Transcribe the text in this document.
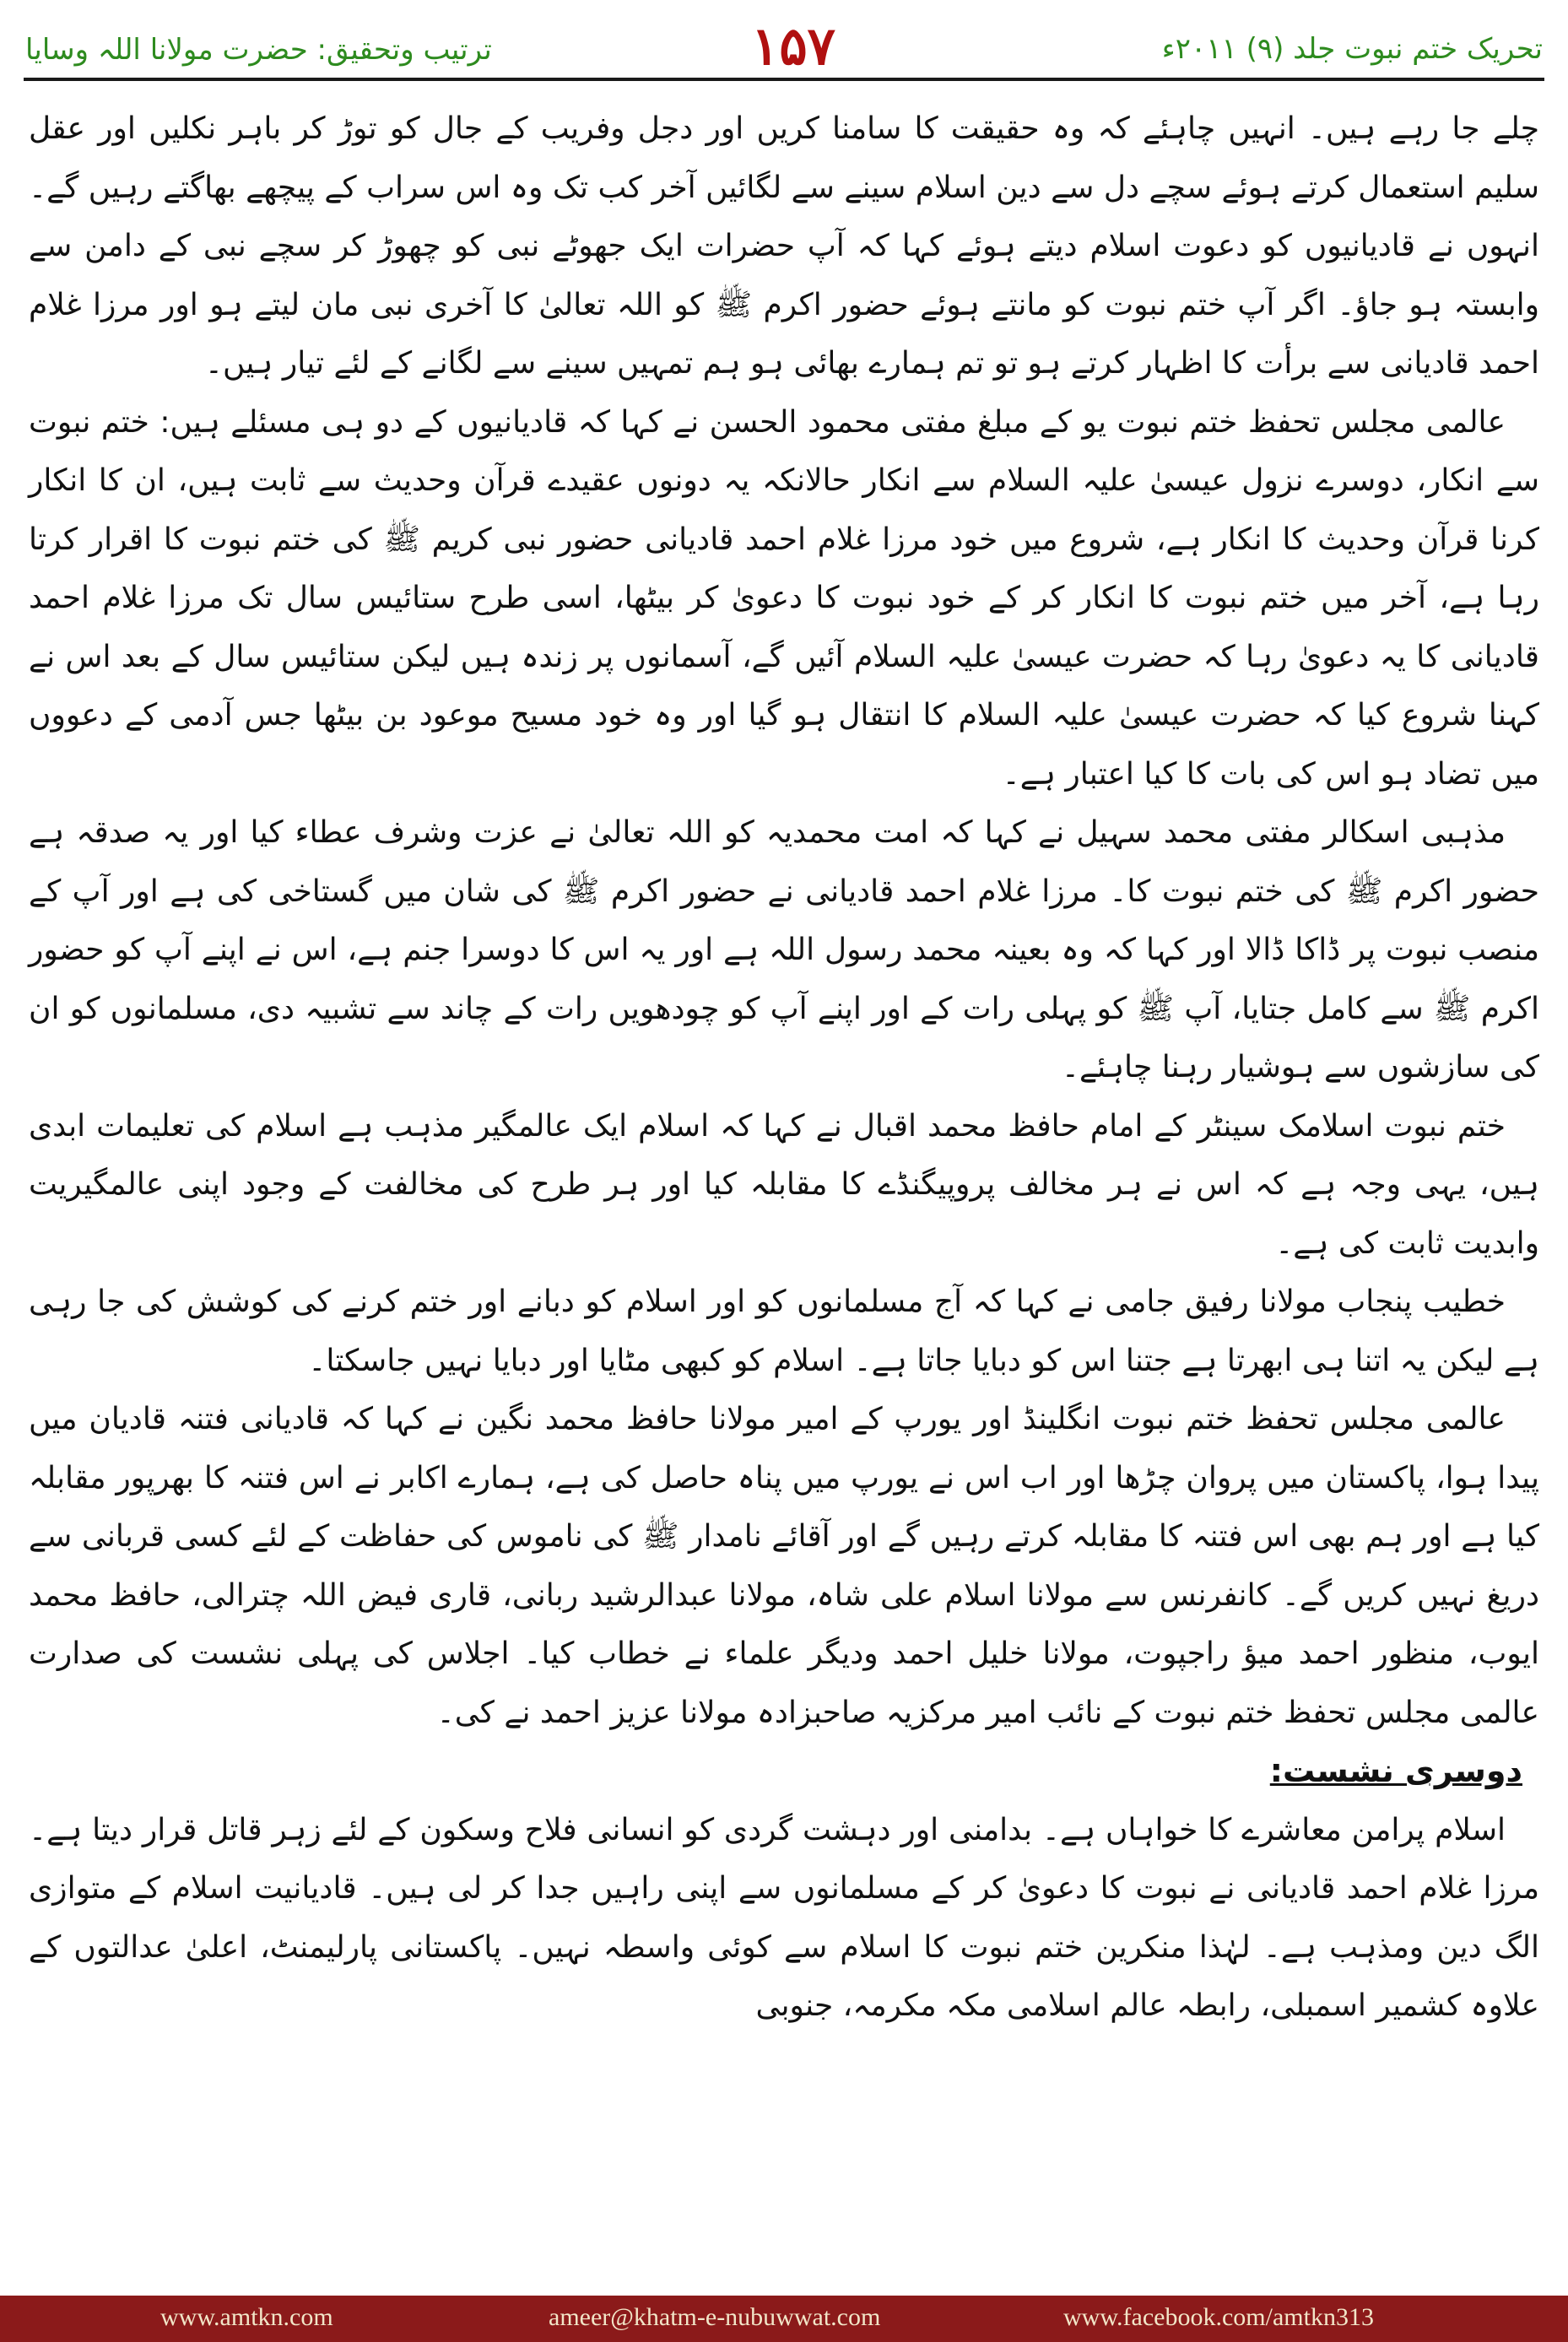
ترتیب وتحقیق: حضرت مولانا اللہ وسایا	۱۵۷	تحریک ختم نبوت جلد (۹) ۲۰۱۱ء

چلے جا رہے ہیں۔ انہیں چاہئے کہ وہ حقیقت کا سامنا کریں اور دجل وفریب کے جال کو توڑ کر باہر نکلیں اور عقل سلیم استعمال کرتے ہوئے سچے دل سے دین اسلام سینے سے لگائیں آخر کب تک وہ اس سراب کے پیچھے بھاگتے رہیں گے۔ انہوں نے قادیانیوں کو دعوت اسلام دیتے ہوئے کہا کہ آپ حضرات ایک جھوٹے نبی کو چھوڑ کر سچے نبی کے دامن سے وابستہ ہو جاؤ۔ اگر آپ ختم نبوت کو مانتے ہوئے حضور اکرم ﷺ کو اللہ تعالیٰ کا آخری نبی مان لیتے ہو اور مرزا غلام احمد قادیانی سے برأت کا اظہار کرتے ہو تو تم ہمارے بھائی ہو ہم تمہیں سینے سے لگانے کے لئے تیار ہیں۔

عالمی مجلس تحفظ ختم نبوت یو کے مبلغ مفتی محمود الحسن نے کہا کہ قادیانیوں کے دو ہی مسئلے ہیں: ختم نبوت سے انکار، دوسرے نزول عیسیٰ علیہ السلام سے انکار حالانکہ یہ دونوں عقیدے قرآن وحدیث سے ثابت ہیں، ان کا انکار کرنا قرآن وحدیث کا انکار ہے، شروع میں خود مرزا غلام احمد قادیانی حضور نبی کریم ﷺ کی ختم نبوت کا اقرار کرتا رہا ہے، آخر میں ختم نبوت کا انکار کر کے خود نبوت کا دعویٰ کر بیٹھا، اسی طرح ستائیس سال تک مرزا غلام احمد قادیانی کا یہ دعویٰ رہا کہ حضرت عیسیٰ علیہ السلام آئیں گے، آسمانوں پر زندہ ہیں لیکن ستائیس سال کے بعد اس نے کہنا شروع کیا کہ حضرت عیسیٰ علیہ السلام کا انتقال ہو گیا اور وہ خود مسیح موعود بن بیٹھا جس آدمی کے دعووں میں تضاد ہو اس کی بات کا کیا اعتبار ہے۔

مذہبی اسکالر مفتی محمد سہیل نے کہا کہ امت محمدیہ کو اللہ تعالیٰ نے عزت وشرف عطاء کیا اور یہ صدقہ ہے حضور اکرم ﷺ کی ختم نبوت کا۔ مرزا غلام احمد قادیانی نے حضور اکرم ﷺ کی شان میں گستاخی کی ہے اور آپ کے منصب نبوت پر ڈاکا ڈالا اور کہا کہ وہ بعینہ محمد رسول اللہ ہے اور یہ اس کا دوسرا جنم ہے، اس نے اپنے آپ کو حضور اکرم ﷺ سے کامل جتایا، آپ ﷺ کو پہلی رات کے اور اپنے آپ کو چودھویں رات کے چاند سے تشبیہ دی، مسلمانوں کو ان کی سازشوں سے ہوشیار رہنا چاہئے۔

ختم نبوت اسلامک سینٹر کے امام حافظ محمد اقبال نے کہا کہ اسلام ایک عالمگیر مذہب ہے اسلام کی تعلیمات ابدی ہیں، یہی وجہ ہے کہ اس نے ہر مخالف پروپیگنڈے کا مقابلہ کیا اور ہر طرح کی مخالفت کے وجود اپنی عالمگیریت وابدیت ثابت کی ہے۔

خطیب پنجاب مولانا رفیق جامی نے کہا کہ آج مسلمانوں کو اور اسلام کو دبانے اور ختم کرنے کی کوشش کی جا رہی ہے لیکن یہ اتنا ہی ابھرتا ہے جتنا اس کو دبایا جاتا ہے۔ اسلام کو کبھی مٹایا اور دبایا نہیں جاسکتا۔

عالمی مجلس تحفظ ختم نبوت انگلینڈ اور یورپ کے امیر مولانا حافظ محمد نگین نے کہا کہ قادیانی فتنہ قادیان میں پیدا ہوا، پاکستان میں پروان چڑھا اور اب اس نے یورپ میں پناہ حاصل کی ہے، ہمارے اکابر نے اس فتنہ کا بھرپور مقابلہ کیا ہے اور ہم بھی اس فتنہ کا مقابلہ کرتے رہیں گے اور آقائے نامدار ﷺ کی ناموس کی حفاظت کے لئے کسی قربانی سے دریغ نہیں کریں گے۔ کانفرنس سے مولانا اسلام علی شاہ، مولانا عبدالرشید ربانی، قاری فیض اللہ چترالی، حافظ محمد ایوب، منظور احمد میؤ راجپوت، مولانا خلیل احمد ودیگر علماء نے خطاب کیا۔ اجلاس کی پہلی نشست کی صدارت عالمی مجلس تحفظ ختم نبوت کے نائب امیر مرکزیہ صاحبزادہ مولانا عزیز احمد نے کی۔

دوسری نشست:

اسلام پرامن معاشرے کا خواہاں ہے۔ بدامنی اور دہشت گردی کو انسانی فلاح وسکون کے لئے زہر قاتل قرار دیتا ہے۔ مرزا غلام احمد قادیانی نے نبوت کا دعویٰ کر کے مسلمانوں سے اپنی راہیں جدا کر لی ہیں۔ قادیانیت اسلام کے متوازی الگ دین ومذہب ہے۔ لہٰذا منکرین ختم نبوت کا اسلام سے کوئی واسطہ نہیں۔ پاکستانی پارلیمنٹ، اعلیٰ عدالتوں کے علاوہ کشمیر اسمبلی، رابطہ عالم اسلامی مکہ مکرمہ، جنوبی

www.amtkn.com	ameer@khatm-e-nubuwwat.com	www.facebook.com/amtkn313
